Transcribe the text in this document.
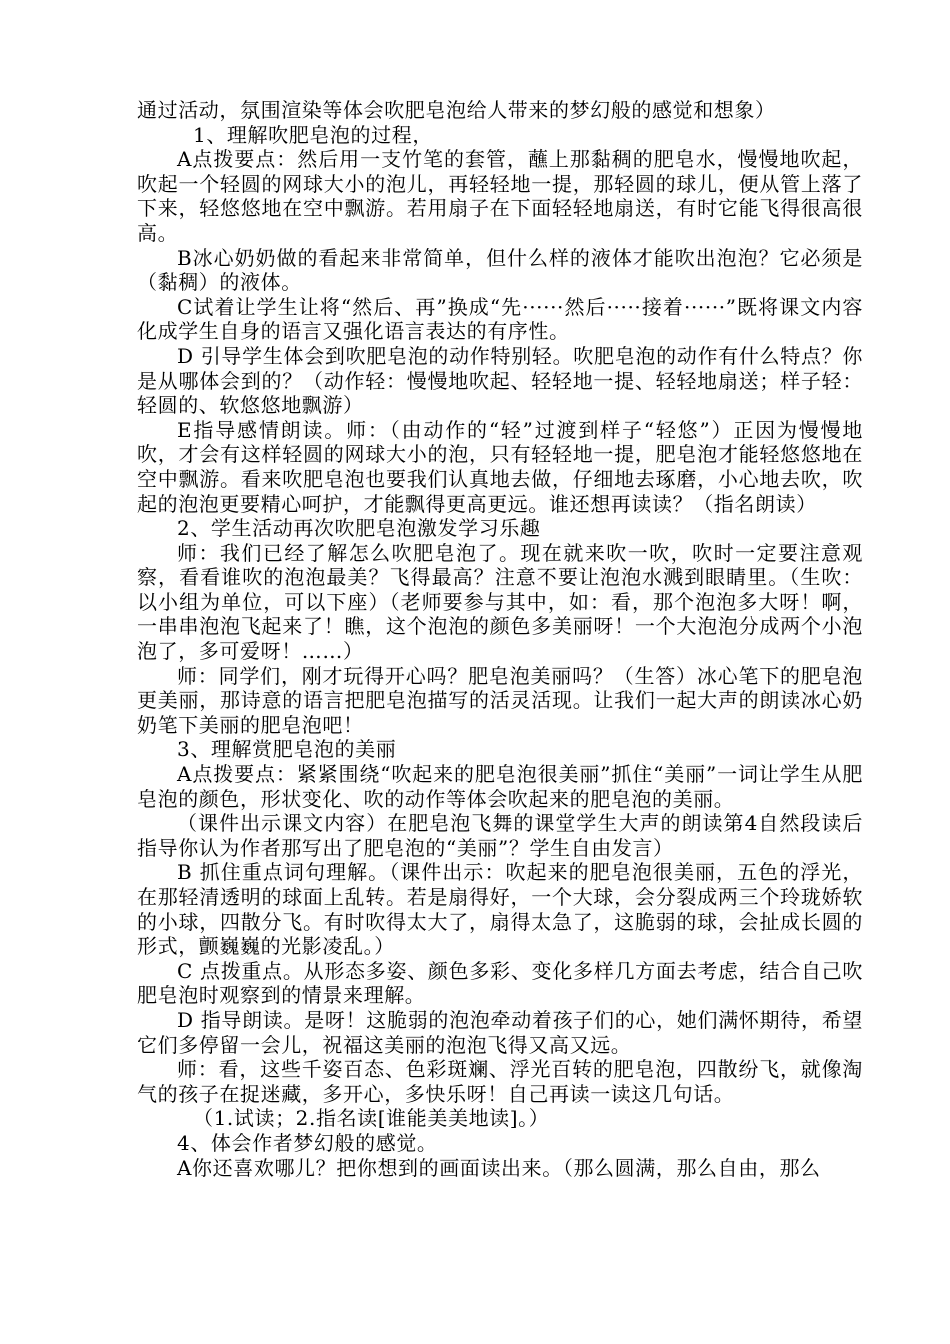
通过活动，氛围渲染等体会吹肥皂泡给人带来的梦幻般的感觉和想象）

1、理解吹肥皂泡的过程，

A点拨要点：然后用一支竹笔的套管，蘸上那黏稠的肥皂水，慢慢地吹起，吹起一个轻圆的网球大小的泡儿，再轻轻地一提，那轻圆的球儿，便从管上落了下来，轻悠悠地在空中飘游。若用扇子在下面轻轻地扇送，有时它能飞得很高很高。

B冰心奶奶做的看起来非常简单，但什么样的液体才能吹出泡泡？它必须是（黏稠）的液体。

C试着让学生让将“然后、再”换成“先······然后·····接着······”既将课文内容化成学生自身的语言又强化语言表达的有序性。

D 引导学生体会到吹肥皂泡的动作特别轻。吹肥皂泡的动作有什么特点？你是从哪体会到的？（动作轻：慢慢地吹起、轻轻地一提、轻轻地扇送；样子轻：轻圆的、软悠悠地飘游）

E指导感情朗读。师：（由动作的“轻”过渡到样子“轻悠”）正因为慢慢地吹，才会有这样轻圆的网球大小的泡，只有轻轻地一提，肥皂泡才能轻悠悠地在空中飘游。看来吹肥皂泡也要我们认真地去做，仔细地去琢磨，小心地去吹，吹起的泡泡更要精心呵护，才能飘得更高更远。谁还想再读读？（指名朗读）

2、学生活动再次吹肥皂泡激发学习乐趣

师：我们已经了解怎么吹肥皂泡了。现在就来吹一吹，吹时一定要注意观察，看看谁吹的泡泡最美？飞得最高？注意不要让泡泡水溅到眼睛里。（生吹：以小组为单位，可以下座）（老师要参与其中，如：看，那个泡泡多大呀！啊，一串串泡泡飞起来了！瞧，这个泡泡的颜色多美丽呀！一个大泡泡分成两个小泡泡了，多可爱呀！……）

师：同学们，刚才玩得开心吗？肥皂泡美丽吗？（生答）冰心笔下的肥皂泡更美丽，那诗意的语言把肥皂泡描写的活灵活现。让我们一起大声的朗读冰心奶奶笔下美丽的肥皂泡吧！

3、理解赏肥皂泡的美丽

A点拨要点：紧紧围绕“吹起来的肥皂泡很美丽”抓住“美丽”一词让学生从肥皂泡的颜色，形状变化、吹的动作等体会吹起来的肥皂泡的美丽。

（课件出示课文内容）在肥皂泡飞舞的课堂学生大声的朗读第4自然段读后指导你认为作者那写出了肥皂泡的“美丽”？学生自由发言）

B 抓住重点词句理解。（课件出示：吹起来的肥皂泡很美丽，五色的浮光，在那轻清透明的球面上乱转。若是扇得好，一个大球，会分裂成两三个玲珑娇软的小球，四散分飞。有时吹得太大了，扇得太急了，这脆弱的球，会扯成长圆的形式，颤巍巍的光影凌乱。）

C 点拨重点。从形态多姿、颜色多彩、变化多样几方面去考虑，结合自己吹肥皂泡时观察到的情景来理解。

D 指导朗读。是呀！这脆弱的泡泡牵动着孩子们的心，她们满怀期待，希望它们多停留一会儿，祝福这美丽的泡泡飞得又高又远。

师：看，这些千姿百态、色彩斑斓、浮光百转的肥皂泡，四散纷飞，就像淘气的孩子在捉迷藏，多开心，多快乐呀！自己再读一读这几句话。

（1.试读；2.指名读[谁能美美地读]。）

4、体会作者梦幻般的感觉。

A你还喜欢哪儿？把你想到的画面读出来。（那么圆满，那么自由，那么
